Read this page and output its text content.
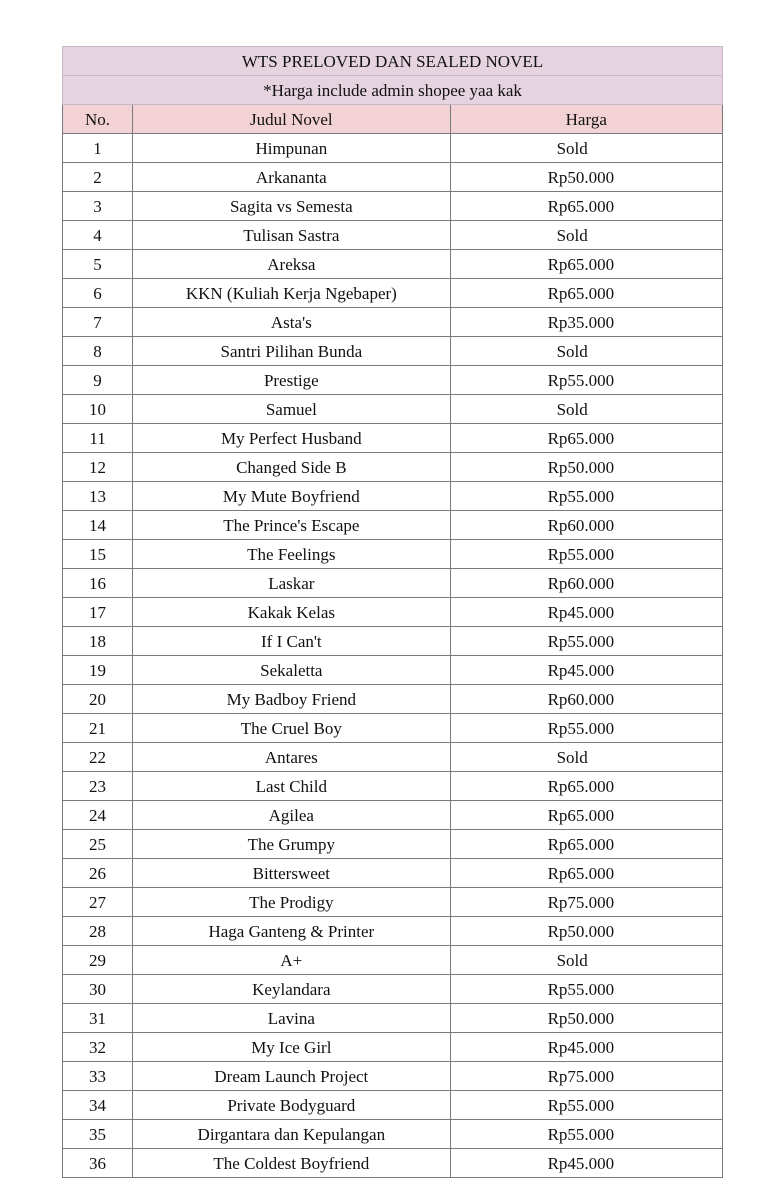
WTS PRELOVED DAN SEALED NOVEL		
*Harga include admin shopee yaa kak		
No.	Judul Novel	Harga
1	Himpunan	Sold
2	Arkananta	Rp50.000
3	Sagita vs Semesta	Rp65.000
4	Tulisan Sastra	Sold
5	Areksa	Rp65.000
6	KKN (Kuliah Kerja Ngebaper)	Rp65.000
7	Asta's	Rp35.000
8	Santri Pilihan Bunda	Sold
9	Prestige	Rp55.000
10	Samuel	Sold
11	My Perfect Husband	Rp65.000
12	Changed Side B	Rp50.000
13	My Mute Boyfriend	Rp55.000
14	The Prince's Escape	Rp60.000
15	The Feelings	Rp55.000
16	Laskar	Rp60.000
17	Kakak Kelas	Rp45.000
18	If I Can't	Rp55.000
19	Sekaletta	Rp45.000
20	My Badboy Friend	Rp60.000
21	The Cruel Boy	Rp55.000
22	Antares	Sold
23	Last Child	Rp65.000
24	Agilea	Rp65.000
25	The Grumpy	Rp65.000
26	Bittersweet	Rp65.000
27	The Prodigy	Rp75.000
28	Haga Ganteng & Printer	Rp50.000
29	A+	Sold
30	Keylandara	Rp55.000
31	Lavina	Rp50.000
32	My Ice Girl	Rp45.000
33	Dream Launch Project	Rp75.000
34	Private Bodyguard	Rp55.000
35	Dirgantara dan Kepulangan	Rp55.000
36	The Coldest Boyfriend	Rp45.000
